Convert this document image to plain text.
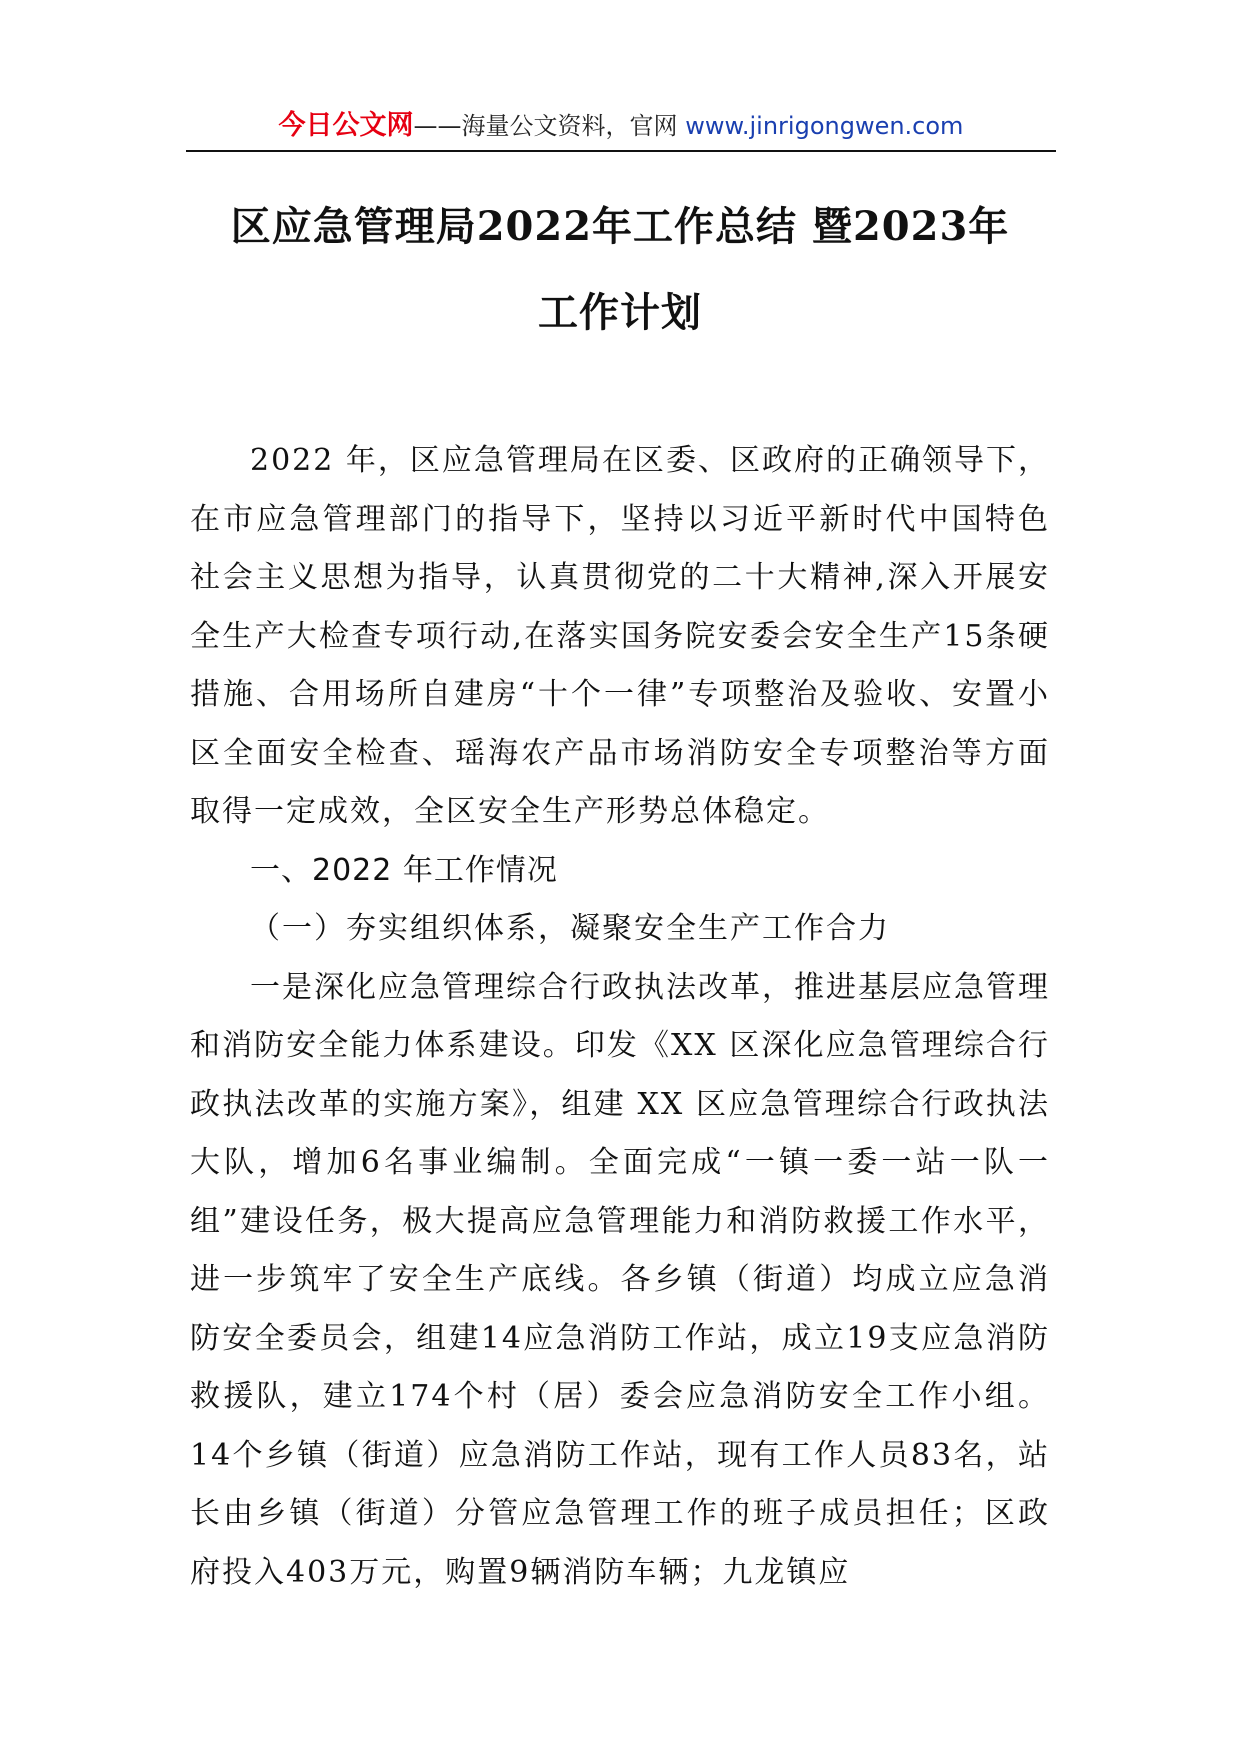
今日公文网——海量公文资料，官网 www.jinrigongwen.com
区应急管理局2022年工作总结 暨2023年
工作计划

2022 年，区应急管理局在区委、区政府的正确领导下，在市应急管理部门的指导下，坚持以习近平新时代中国特色社会主义思想为指导，认真贯彻党的二十大精神,深入开展安全生产大检查专项行动,在落实国务院安委会安全生产15条硬措施、合用场所自建房“十个一律”专项整治及验收、安置小区全面安全检查、瑶海农产品市场消防安全专项整治等方面取得一定成效，全区安全生产形势总体稳定。

一、2022 年工作情况

（一）夯实组织体系，凝聚安全生产工作合力

一是深化应急管理综合行政执法改革，推进基层应急管理和消防安全能力体系建设。印发《XX 区深化应急管理综合行政执法改革的实施方案》，组建 XX 区应急管理综合行政执法大队，增加6名事业编制。全面完成“一镇一委一站一队一组”建设任务，极大提高应急管理能力和消防救援工作水平，进一步筑牢了安全生产底线。各乡镇（街道）均成立应急消防安全委员会，组建14应急消防工作站，成立19支应急消防救援队，建立174个村（居）委会应急消防安全工作小组。14个乡镇（街道）应急消防工作站，现有工作人员83名，站长由乡镇（街道）分管应急管理工作的班子成员担任；区政府投入403万元，购置9辆消防车辆；九龙镇应
